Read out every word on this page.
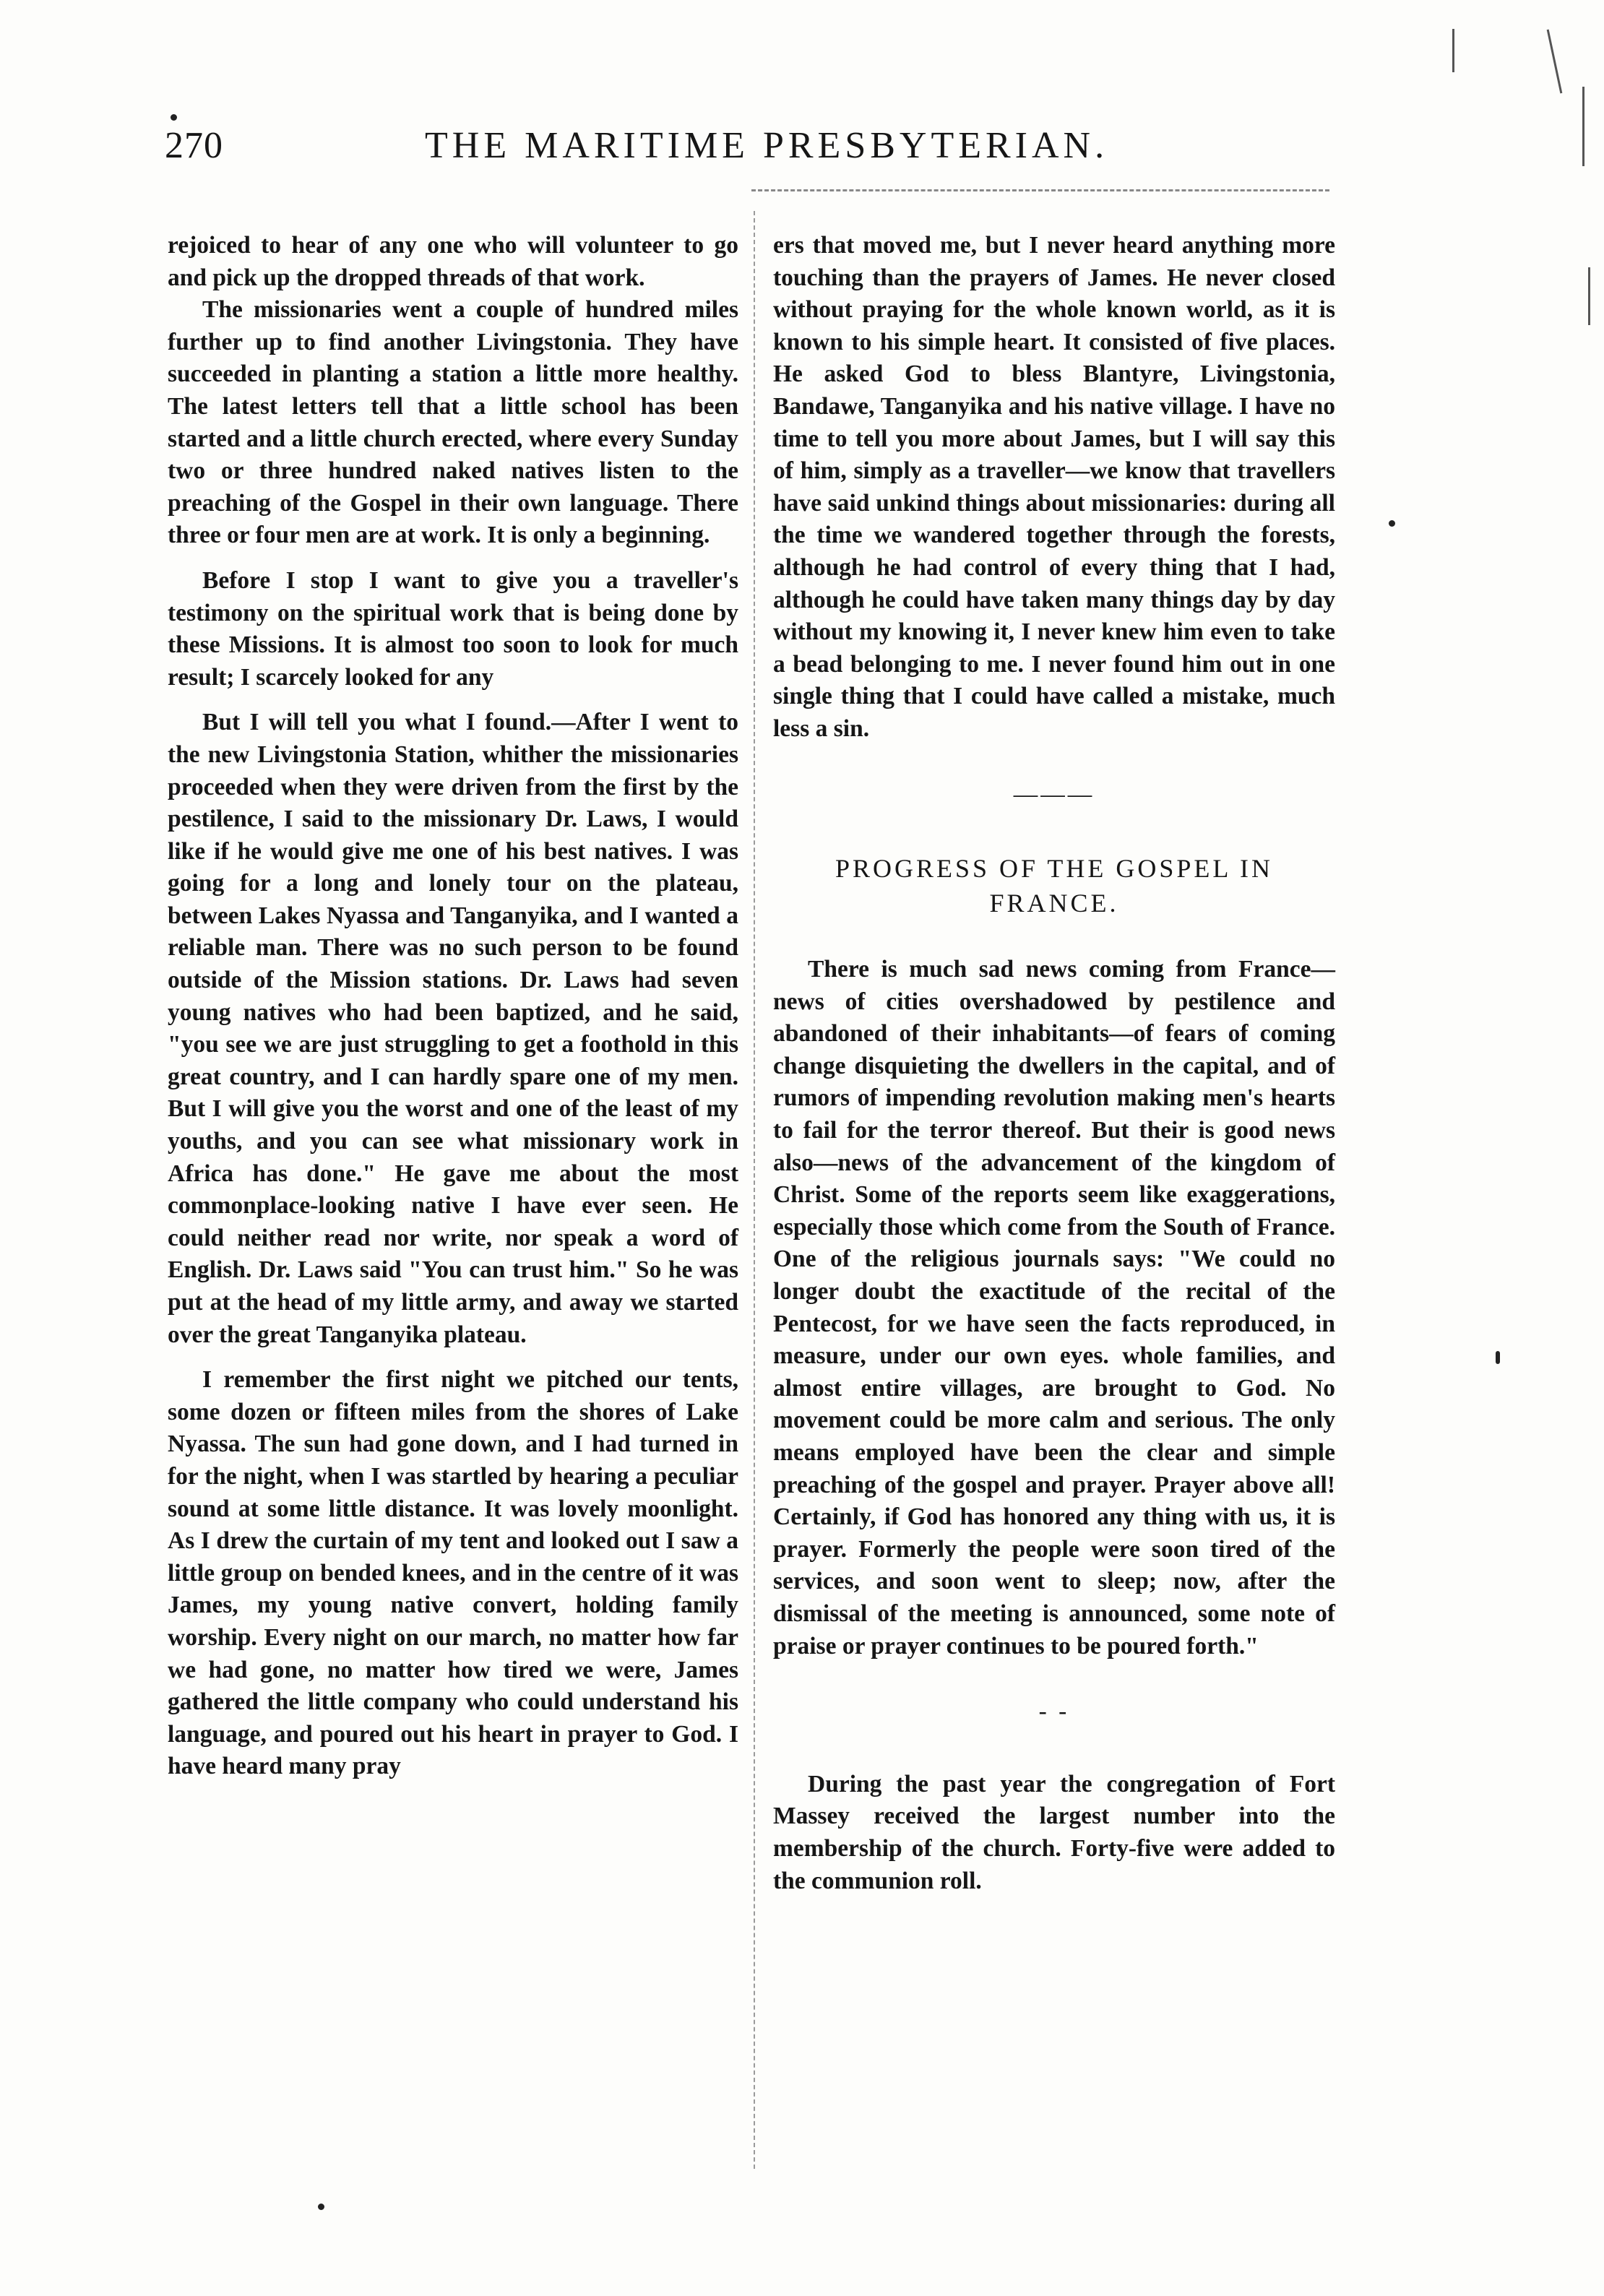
270	THE MARITIME PRESBYTERIAN.

rejoiced to hear of any one who will volunteer to go and pick up the dropped threads of that work.

The missionaries went a couple of hundred miles further up to find another Livingstonia. They have succeeded in planting a station a little more healthy. The latest letters tell that a little school has been started and a little church erected, where every Sunday two or three hundred naked natives listen to the preaching of the Gospel in their own language. There three or four men are at work. It is only a beginning.

Before I stop I want to give you a traveller's testimony on the spiritual work that is being done by these Missions. It is almost too soon to look for much result; I scarcely looked for any

But I will tell you what I found.—After I went to the new Livingstonia Station, whither the missionaries proceeded when they were driven from the first by the pestilence, I said to the missionary Dr. Laws, I would like if he would give me one of his best natives. I was going for a long and lonely tour on the plateau, between Lakes Nyassa and Tanganyika, and I wanted a reliable man. There was no such person to be found outside of the Mission stations. Dr. Laws had seven young natives who had been baptized, and he said, "you see we are just struggling to get a foothold in this great country, and I can hardly spare one of my men. But I will give you the worst and one of the least of my youths, and you can see what missionary work in Africa has done." He gave me about the most commonplace-looking native I have ever seen. He could neither read nor write, nor speak a word of English. Dr. Laws said "You can trust him." So he was put at the head of my little army, and away we started over the great Tanganyika plateau.

I remember the first night we pitched our tents, some dozen or fifteen miles from the shores of Lake Nyassa. The sun had gone down, and I had turned in for the night, when I was startled by hearing a peculiar sound at some little distance. It was lovely moonlight. As I drew the curtain of my tent and looked out I saw a little group on bended knees, and in the centre of it was James, my young native convert, holding family worship. Every night on our march, no matter how far we had gone, no matter how tired we were, James gathered the little company who could understand his language, and poured out his heart in prayer to God. I have heard many pray

ers that moved me, but I never heard anything more touching than the prayers of James. He never closed without praying for the whole known world, as it is known to his simple heart. It consisted of five places. He asked God to bless Blantyre, Livingstonia, Bandawe, Tanganyika and his native village. I have no time to tell you more about James, but I will say this of him, simply as a traveller—we know that travellers have said unkind things about missionaries: during all the time we wandered together through the forests, although he had control of every thing that I had, although he could have taken many things day by day without my knowing it, I never knew him even to take a bead belonging to me. I never found him out in one single thing that I could have called a mistake, much less a sin.

———
PROGRESS OF THE GOSPEL IN FRANCE.

There is much sad news coming from France—news of cities overshadowed by pestilence and abandoned of their inhabitants—of fears of coming change disquieting the dwellers in the capital, and of rumors of impending revolution making men's hearts to fail for the terror thereof. But their is good news also—news of the advancement of the kingdom of Christ. Some of the reports seem like exaggerations, especially those which come from the South of France. One of the religious journals says: "We could no longer doubt the exactitude of the recital of the Pentecost, for we have seen the facts reproduced, in measure, under our own eyes. whole families, and almost entire villages, are brought to God. No movement could be more calm and serious. The only means employed have been the clear and simple preaching of the gospel and prayer. Prayer above all! Certainly, if God has honored any thing with us, it is prayer. Formerly the people were soon tired of the services, and soon went to sleep; now, after the dismissal of the meeting is announced, some note of praise or prayer continues to be poured forth."

- -

During the past year the congregation of Fort Massey received the largest number into the membership of the church. Forty-five were added to the communion roll.
